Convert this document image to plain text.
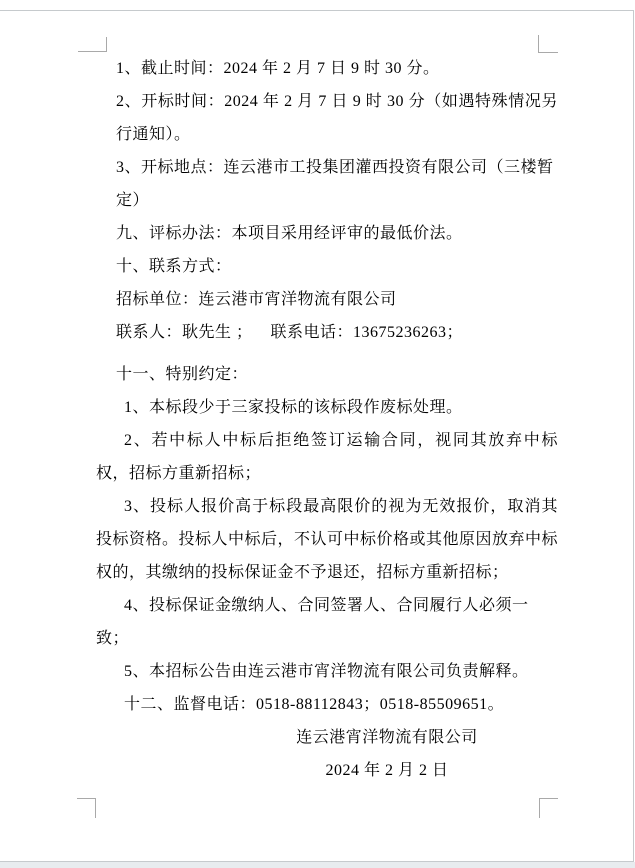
1、截止时间：2024 年 2 月 7 日 9 时 30 分。
2、开标时间：2024 年 2 月 7 日 9 时 30 分（如遇特殊情况另行通知）。
3、开标地点：连云港市工投集团灌西投资有限公司（三楼暂定）
九、评标办法：本项目采用经评审的最低价法。
十、联系方式：
招标单位：连云港市宵洋物流有限公司
联系人：耿先生 ；    联系电话：13675236263；
十一、特别约定：
1、本标段少于三家投标的该标段作废标处理。
2、若中标人中标后拒绝签订运输合同，视同其放弃中标权，招标方重新招标；
3、投标人报价高于标段最高限价的视为无效报价，取消其投标资格。投标人中标后，不认可中标价格或其他原因放弃中标权的，其缴纳的投标保证金不予退还，招标方重新招标；
4、投标保证金缴纳人、合同签署人、合同履行人必须一致；
5、本招标公告由连云港市宵洋物流有限公司负责解释。
十二、监督电话：0518-88112843；0518-85509651。
连云港宵洋物流有限公司
2024 年 2 月 2 日
